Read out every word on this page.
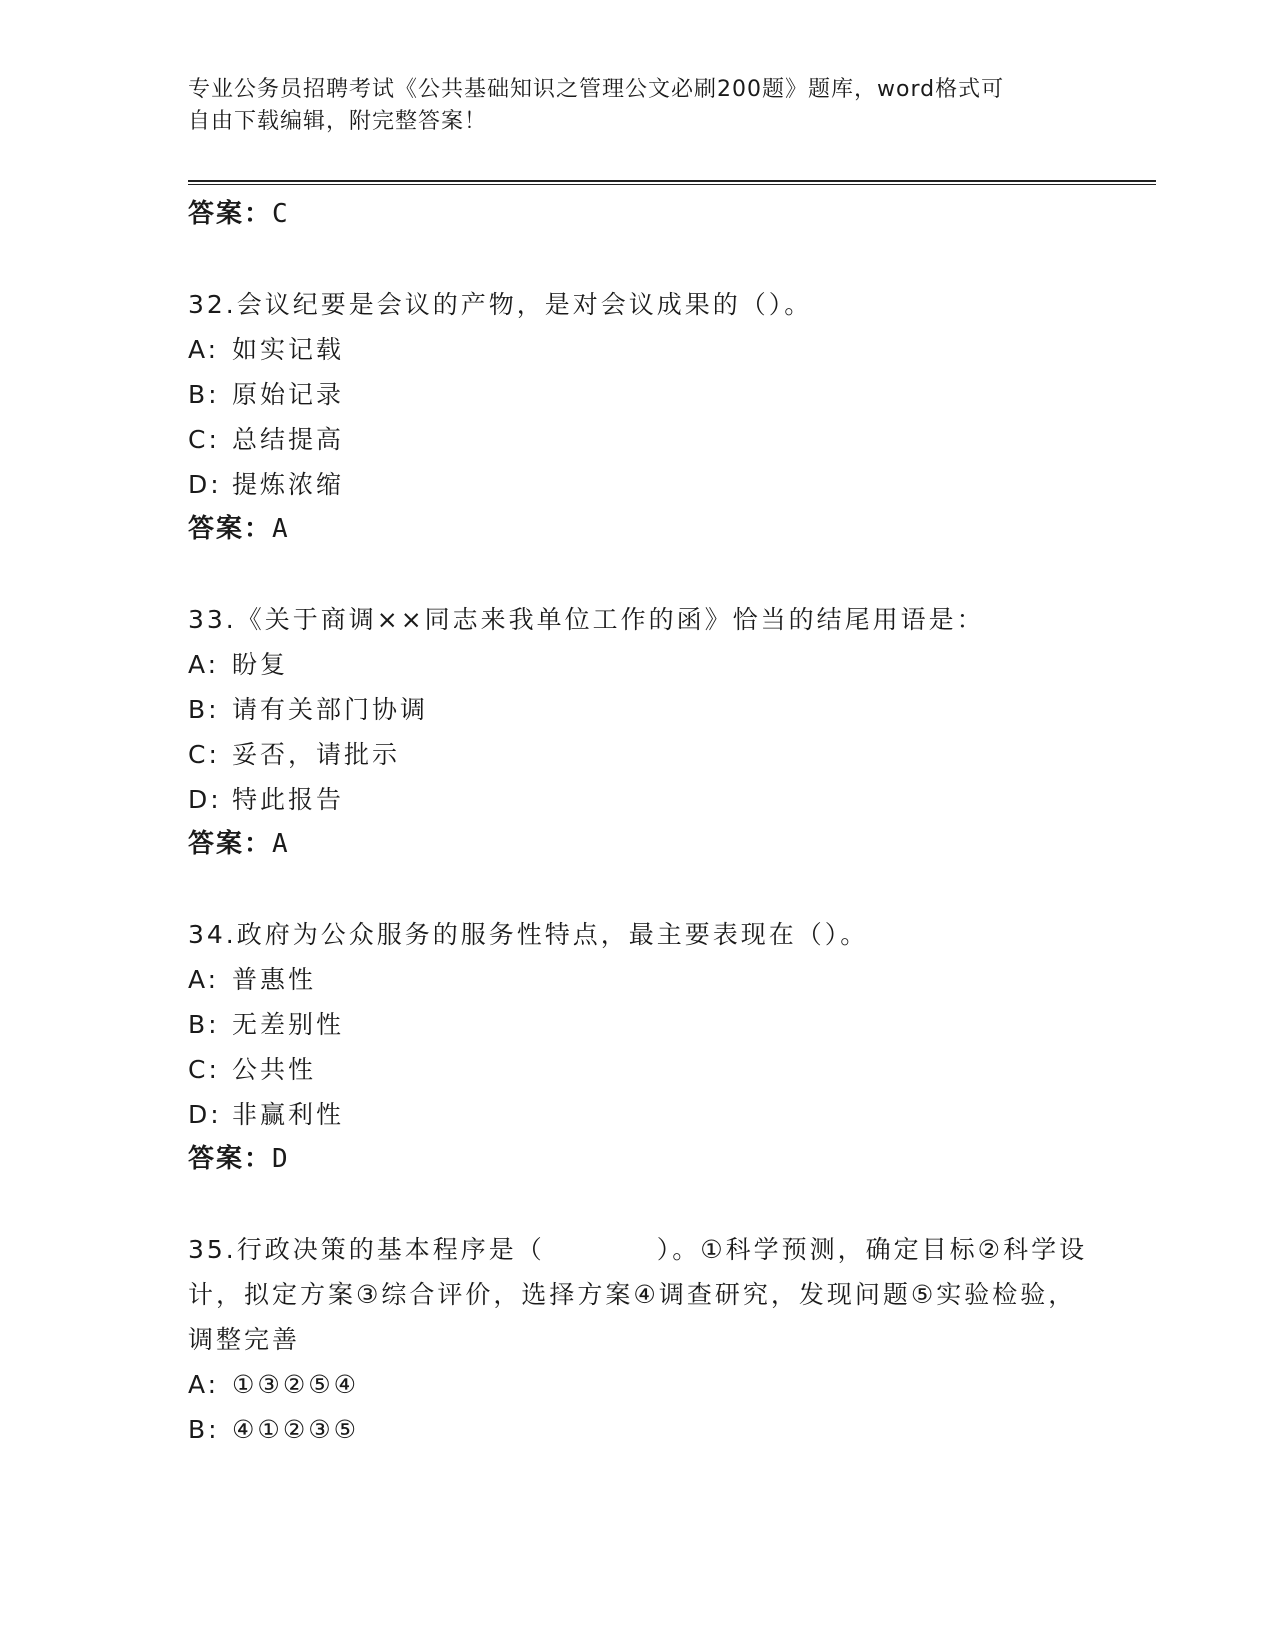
专业公务员招聘考试《公共基础知识之管理公文必刷200题》题库，word格式可
自由下载编辑，附完整答案！
答案：C
32.会议纪要是会议的产物，是对会议成果的（）。
A: 如实记载
B: 原始记录
C: 总结提高
D: 提炼浓缩
答案：A
33.《关于商调××同志来我单位工作的函》恰当的结尾用语是：
A: 盼复
B: 请有关部门协调
C: 妥否，请批示
D: 特此报告
答案：A
34.政府为公众服务的服务性特点，最主要表现在（）。
A: 普惠性
B: 无差别性
C: 公共性
D: 非赢利性
答案：D
35.行政决策的基本程序是（　　　　）。①科学预测，确定目标②科学设计，拟定方案③综合评价，选择方案④调查研究，发现问题⑤实验检验，调整完善
A: ①③②⑤④
B: ④①②③⑤
